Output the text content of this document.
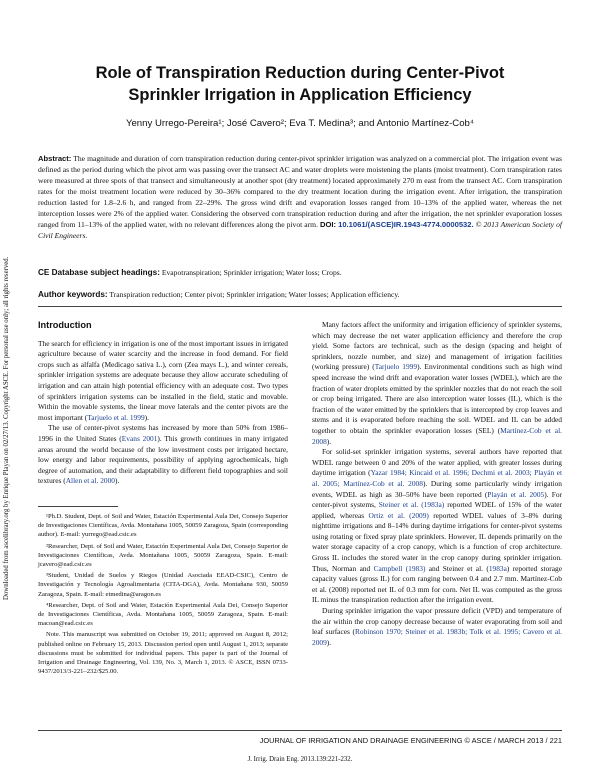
Downloaded from ascelibrary.org by Enrique Playan on 02/27/13. Copyright ASCE. For personal use only; all rights reserved.
Role of Transpiration Reduction during Center-Pivot
Sprinkler Irrigation in Application Efficiency
Yenny Urrego-Pereira¹; José Cavero²; Eva T. Medina³; and Antonio Martínez-Cob⁴
Abstract: The magnitude and duration of corn transpiration reduction during center-pivot sprinkler irrigation was analyzed on a commercial plot. The irrigation event was defined as the period during which the pivot arm was passing over the transect AC and water droplets were moistening the plants (moist treatment). Corn transpiration rates were measured at three spots of that transect and simultaneously at another spot (dry treatment) located approximately 270 m east from the transect AC. Corn transpiration rates for the moist treatment location were reduced by 30–36% compared to the dry treatment location during the irrigation event. After irrigation, the transpiration reduction lasted for 1.8–2.6 h, and ranged from 22–29%. The gross wind drift and evaporation losses ranged from 10–13% of the applied water, whereas the net interception losses were 2% of the applied water. Considering the observed corn transpiration reduction during and after the irrigation, the net sprinkler evaporation losses ranged from 11–13% of the applied water, with no relevant differences along the pivot arm. DOI: 10.1061/(ASCE)IR.1943-4774.0000532. © 2013 American Society of Civil Engineers.
CE Database subject headings: Evapotranspiration; Sprinkler irrigation; Water loss; Crops.
Author keywords: Transpiration reduction; Center pivot; Sprinkler irrigation; Water losses; Application efficiency.
Introduction

The search for efficiency in irrigation is one of the most important issues in irrigated agriculture because of water scarcity and the increase in food demand. For field crops such as alfalfa (Medicago sativa L.), corn (Zea mays L.), and winter cereals, sprinkler irrigation systems are adequate because they allow accurate scheduling of irrigation and can attain high potential efficiency with an adequate cost. Two types of sprinklers irrigation systems can be installed in the field, static and movable. Within the movable systems, the linear move laterals and the center pivots are the most important (Tarjuelo et al. 1999).

The use of center-pivot systems has increased by more than 50% from 1986–1996 in the United States (Evans 2001). This growth continues in many irrigated areas around the world because of the low investment costs per irrigated hectare, low energy and labor requirements, possibility of applying agrochemicals, high degree of automation, and their adaptability to different field topographies and soil textures (Allen et al. 2000).

¹Ph.D. Student, Dept. of Soil and Water, Estación Experimental Aula Dei, Consejo Superior de Investigaciones Científicas, Avda. Montañana 1005, 50059 Zaragoza, Spain (corresponding author). E-mail: yurrego@ead.csic.es

²Researcher, Dept. of Soil and Water, Estación Experimental Aula Dei, Consejo Superior de Investigaciones Científicas, Avda. Montañana 1005, 50059 Zaragoza, Spain. E-mail: jcavero@ead.csic.es

³Student, Unidad de Suelos y Riegos (Unidad Asociada EEAD-CSIC), Centro de Investigación y Tecnología Agroalimentaria (CITA-DGA), Avda. Montañana 930, 50059 Zaragoza, Spain. E-mail: etmedina@aragon.es

⁴Researcher, Dept. of Soil and Water, Estación Experimental Aula Dei, Consejo Superior de Investigaciones Científicas, Avda. Montañana 1005, 50059 Zaragoza, Spain. E-mail: macoan@ead.csic.es

Note. This manuscript was submitted on October 19, 2011; approved on August 8, 2012; published online on February 15, 2013. Discussion period open until August 1, 2013; separate discussions must be submitted for individual papers. This paper is part of the Journal of Irrigation and Drainage Engineering, Vol. 139, No. 3, March 1, 2013. © ASCE, ISSN 0733-9437/2013/3-221–232/$25.00.

Many factors affect the uniformity and irrigation efficiency of sprinkler systems, which may decrease the net water application efficiency and therefore the crop yield. Some factors are technical, such as the design (spacing and height of sprinklers, nozzle number, and size) and management of irrigation facilities (working pressure) (Tarjuelo 1999). Environmental conditions such as high wind speed increase the wind drift and evaporation water losses (WDEL), which are the fraction of water droplets emitted by the sprinkler nozzles that do not reach the soil or crop being irrigated. There are also interception water losses (IL), which is the fraction of the water emitted by the sprinklers that is intercepted by crop leaves and stems and it is evaporated before reaching the soil. WDEL and IL can be added together to obtain the sprinkler evaporation losses (SEL) (Martínez-Cob et al. 2008).

For solid-set sprinkler irrigation systems, several authors have reported that WDEL range between 0 and 20% of the water applied, with greater losses during daytime irrigation (Yazar 1984; Kincaid et al. 1996; Dechmi et al. 2003; Playán et al. 2005; Martínez-Cob et al. 2008). During some particularly windy irrigation events, WDEL as high as 30–50% have been reported (Playán et al. 2005). For center-pivot systems, Steiner et al. (1983a) reported WDEL of 15% of the water applied, whereas Ortiz et al. (2009) reported WDEL values of 3–8% during nighttime irrigations and 8–14% during daytime irrigations for center-pivot systems using rotating or fixed spray plate sprinklers. However, IL depends primarily on the water storage capacity of a crop canopy, which is a function of crop architecture. Gross IL includes the stored water in the crop canopy during sprinkler irrigation. Thus, Norman and Campbell (1983) and Steiner et al. (1983a) reported storage capacity values (gross IL) for corn ranging between 0.4 and 2.7 mm. Martínez-Cob et al. (2008) reported net IL of 0.3 mm for corn. Net IL was computed as the gross IL minus the transpiration reduction after the irrigation event.

During sprinkler irrigation the vapor pressure deficit (VPD) and temperature of the air within the crop canopy decrease because of water evaporating from soil and leaf surfaces (Robinson 1970; Steiner et al. 1983b; Tolk et al. 1995; Cavero et al. 2009).

JOURNAL OF IRRIGATION AND DRAINAGE ENGINEERING © ASCE / MARCH 2013 / 221
J. Irrig. Drain Eng. 2013.139:221-232.
